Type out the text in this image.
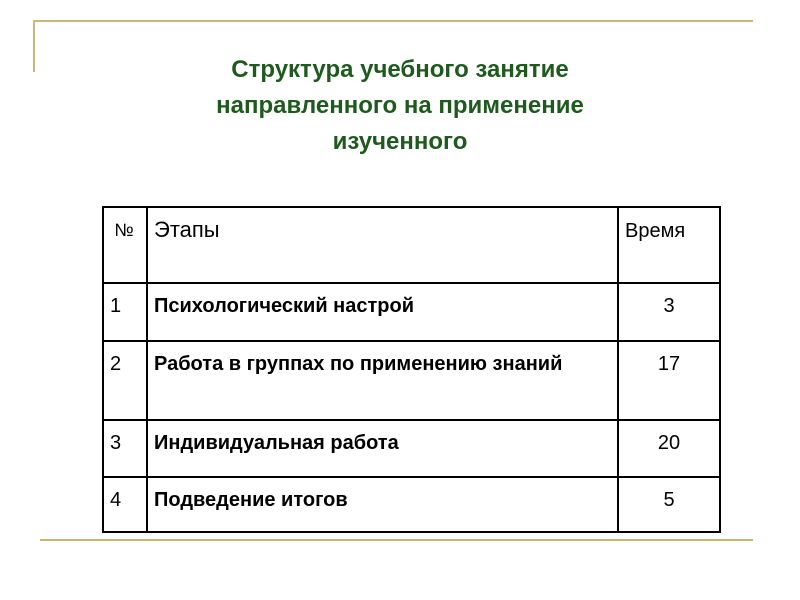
Структура учебного занятие
направленного на применение
изученного
№	Этапы	Время
1	Психологический настрой	3
2	Работа в группах по применению знаний	17
3	Индивидуальная работа	20
4	Подведение итогов	5
